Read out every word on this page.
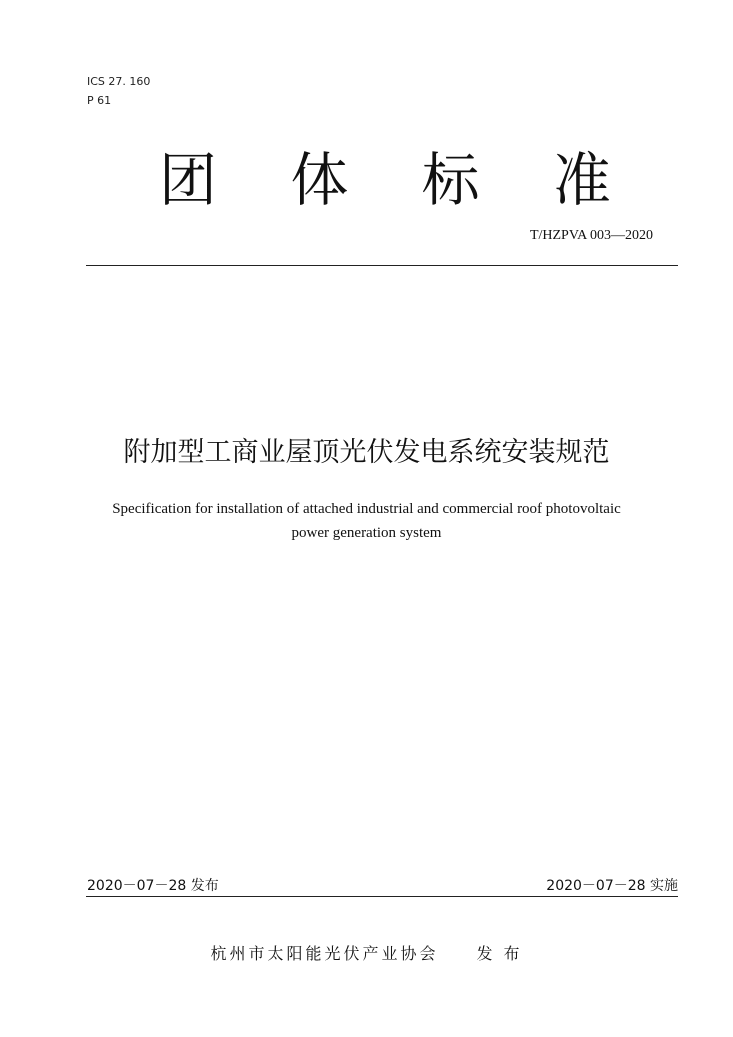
ICS 27. 160
P 61
团 体 标 准
T/HZPVA 003—2020
附加型工商业屋顶光伏发电系统安装规范
Specification for installation of attached industrial and commercial roof photovoltaic
power generation system
2020－07－28 发布	2020－07－28 实施
杭州市太阳能光伏产业协会 发 布
